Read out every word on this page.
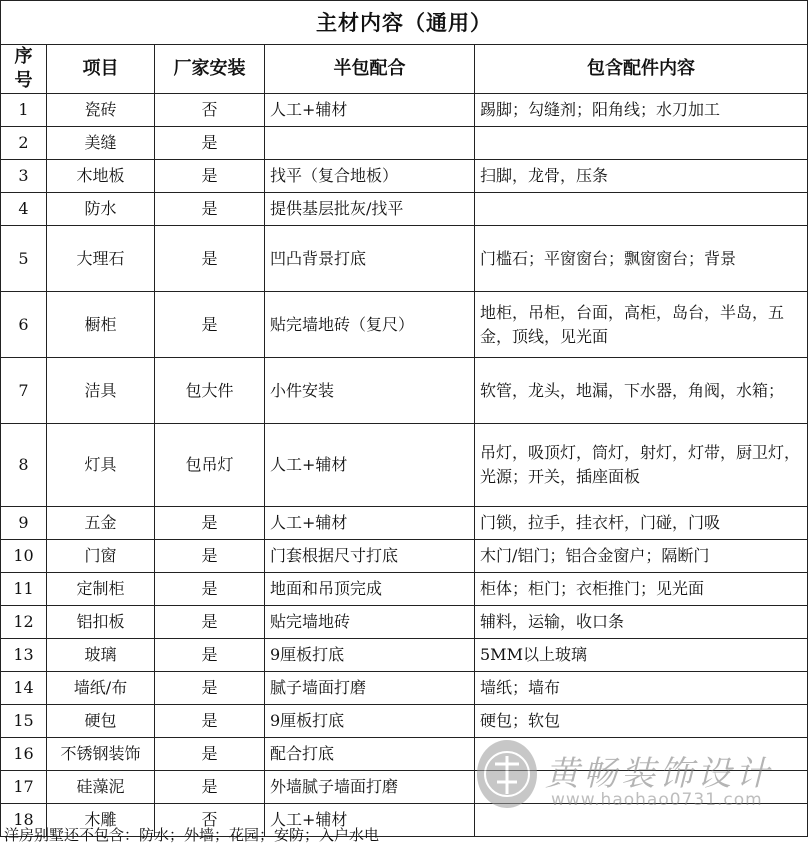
主材内容（通用）				
序号	项目	厂家安装	半包配合	包含配件内容
1	瓷砖	否	人工+辅材	踢脚；勾缝剂；阳角线；水刀加工
2	美缝	是		
3	木地板	是	找平（复合地板）	扫脚，龙骨，压条
4	防水	是	提供基层批灰/找平	
5	大理石	是	凹凸背景打底	门槛石；平窗窗台；飘窗窗台；背景
6	橱柜	是	贴完墙地砖（复尺）	地柜，吊柜，台面，高柜，岛台，半岛，五金，顶线，见光面
7	洁具	包大件	小件安装	软管，龙头，地漏，下水器，角阀，水箱；
8	灯具	包吊灯	人工+辅材	吊灯，吸顶灯，筒灯，射灯，灯带，厨卫灯，光源；开关，插座面板
9	五金	是	人工+辅材	门锁，拉手，挂衣杆，门碰，门吸
10	门窗	是	门套根据尺寸打底	木门/铝门；铝合金窗户；隔断门
11	定制柜	是	地面和吊顶完成	柜体；柜门；衣柜推门；见光面
12	铝扣板	是	贴完墙地砖	辅料，运输，收口条
13	玻璃	是	9厘板打底	5MM以上玻璃
14	墙纸/布	是	腻子墙面打磨	墙纸；墙布
15	硬包	是	9厘板打底	硬包；软包
16	不锈钢装饰	是	配合打底	
17	硅藻泥	是	外墙腻子墙面打磨	
18	木雕	否	人工+辅材	
黄畅装饰设计
www.haohao0731.com
洋房别墅还不包含：防水；外墙；花园；安防；入户水电
